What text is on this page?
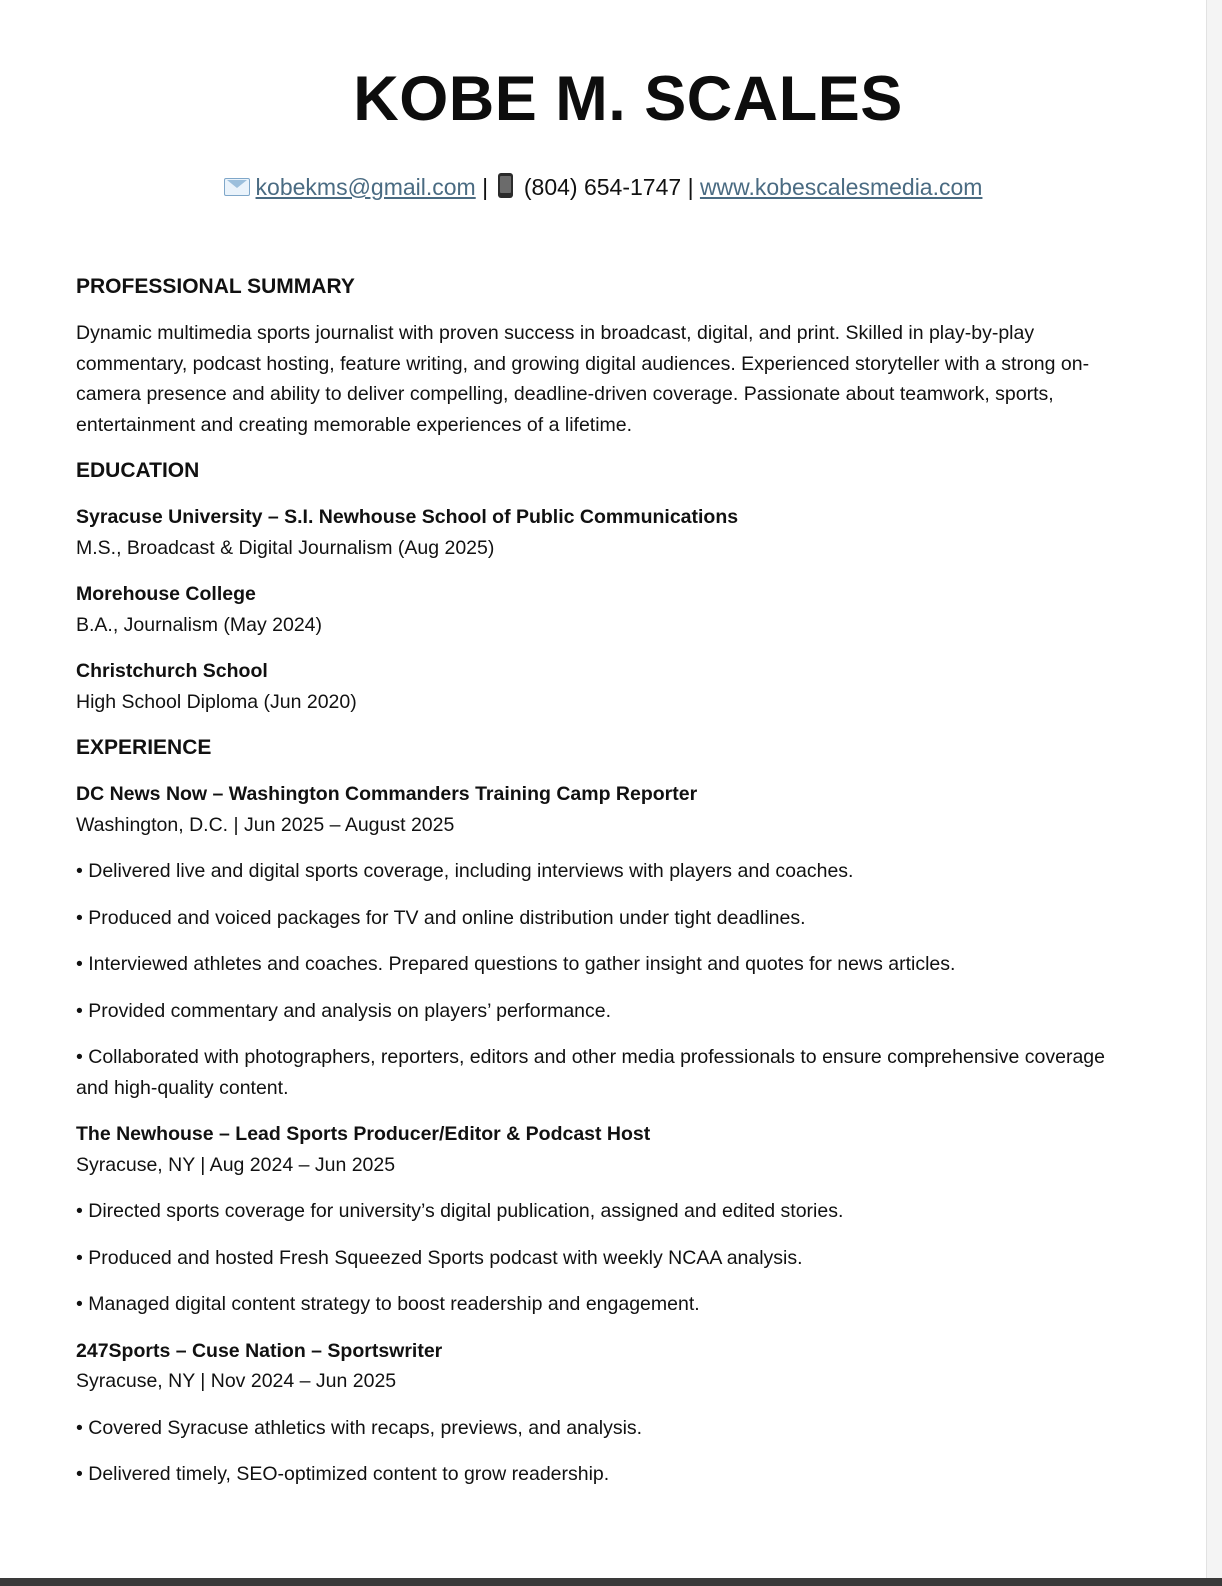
KOBE M. SCALES
kobekms@gmail.com | (804) 654-1747 | www.kobescalesmedia.com
PROFESSIONAL SUMMARY

Dynamic multimedia sports journalist with proven success in broadcast, digital, and print. Skilled in play-by-play commentary, podcast hosting, feature writing, and growing digital audiences. Experienced storyteller with a strong on-camera presence and ability to deliver compelling, deadline-driven coverage. Passionate about teamwork, sports, entertainment and creating memorable experiences of a lifetime.

EDUCATION
Syracuse University – S.I. Newhouse School of Public Communications
M.S., Broadcast & Digital Journalism (Aug 2025)
Morehouse College
B.A., Journalism (May 2024)
Christchurch School
High School Diploma (Jun 2020)
EXPERIENCE
DC News Now – Washington Commanders Training Camp Reporter
Washington, D.C. | Jun 2025 – August 2025

• Delivered live and digital sports coverage, including interviews with players and coaches.

• Produced and voiced packages for TV and online distribution under tight deadlines.

• Interviewed athletes and coaches. Prepared questions to gather insight and quotes for news articles.

• Provided commentary and analysis on players’ performance.

• Collaborated with photographers, reporters, editors and other media professionals to ensure comprehensive coverage and high-quality content.

The Newhouse – Lead Sports Producer/Editor & Podcast Host
Syracuse, NY | Aug 2024 – Jun 2025

• Directed sports coverage for university’s digital publication, assigned and edited stories.

• Produced and hosted Fresh Squeezed Sports podcast with weekly NCAA analysis.

• Managed digital content strategy to boost readership and engagement.

247Sports – Cuse Nation – Sportswriter
Syracuse, NY | Nov 2024 – Jun 2025

• Covered Syracuse athletics with recaps, previews, and analysis.

• Delivered timely, SEO-optimized content to grow readership.
